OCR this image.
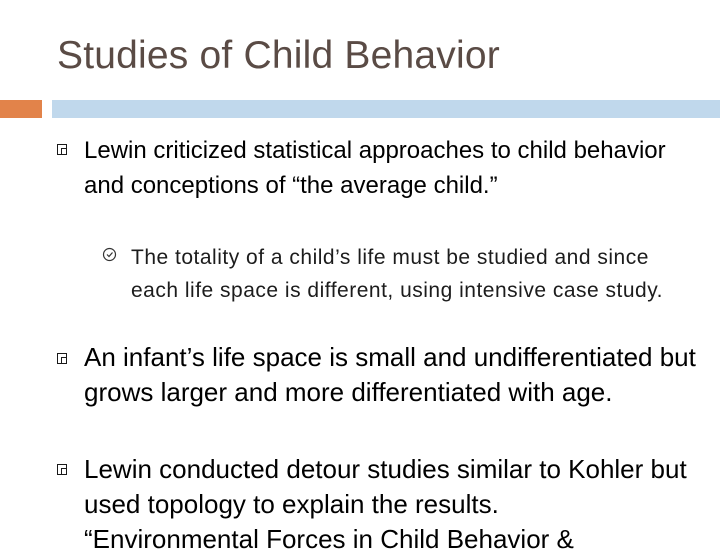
Studies of Child Behavior

Lewin criticized statistical approaches to child behavior and conceptions of “the average child.”

The totality of a child’s life must be studied and since each life space is different, using intensive case study.

An infant’s life space is small and undifferentiated but grows larger and more differentiated with age.

Lewin conducted detour studies similar to Kohler but used topology to explain the results.

“Environmental Forces in Child Behavior &
